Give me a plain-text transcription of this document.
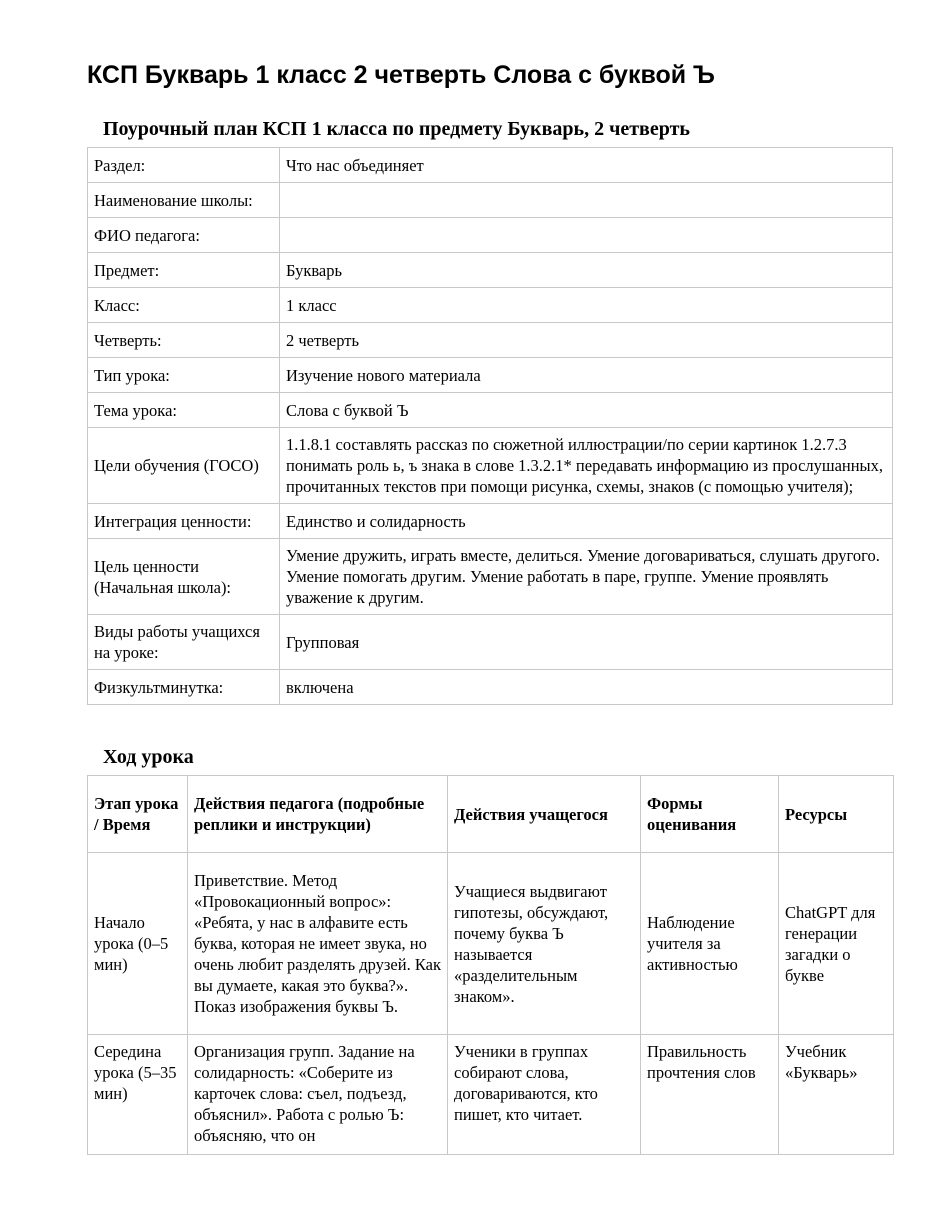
КСП Букварь 1 класс 2 четверть Слова с буквой Ъ
Поурочный план КСП 1 класса по предмету Букварь, 2 четверть
Раздел:	Что нас объединяет
Наименование школы:	
ФИО педагога:	
Предмет:	Букварь
Класс:	1 класс
Четверть:	2 четверть
Тип урока:	Изучение нового материала
Тема урока:	Слова с буквой Ъ
Цели обучения (ГОСО)	1.1.8.1 составлять рассказ по сюжетной иллюстрации/по серии картинок 1.2.7.3 понимать роль ь, ъ знака в слове 1.3.2.1* передавать информацию из прослушанных, прочитанных текстов при помощи рисунка, схемы, знаков (с помощью учителя);
Интеграция ценности:	Единство и солидарность
Цель ценности (Начальная школа):	Умение дружить, играть вместе, делиться. Умение договариваться, слушать другого. Умение помогать другим. Умение работать в паре, группе. Умение проявлять уважение к другим.
Виды работы учащихся на уроке:	Групповая
Физкультминутка:	включена
Ход урока
Этап урока / Время	Действия педагога (подробные реплики и инструкции)	Действия учащегося	Формы оценивания	Ресурсы
Начало урока (0–5 мин)	Приветствие. Метод «Провокационный вопрос»: «Ребята, у нас в алфавите есть буква, которая не имеет звука, но очень любит разделять друзей. Как вы думаете, какая это буква?». Показ изображения буквы Ъ.	Учащиеся выдвигают гипотезы, обсуждают, почему буква Ъ называется «разделительным знаком».	Наблюдение учителя за активностью	ChatGPT для генерации загадки о букве
Середина урока (5–35 мин)	Организация групп. Задание на солидарность: «Соберите из карточек слова: съел, подъезд, объяснил». Работа с ролью Ъ: объясняю, что он	Ученики в группах собирают слова, договариваются, кто пишет, кто читает.	Правильность прочтения слов	Учебник «Букварь»
